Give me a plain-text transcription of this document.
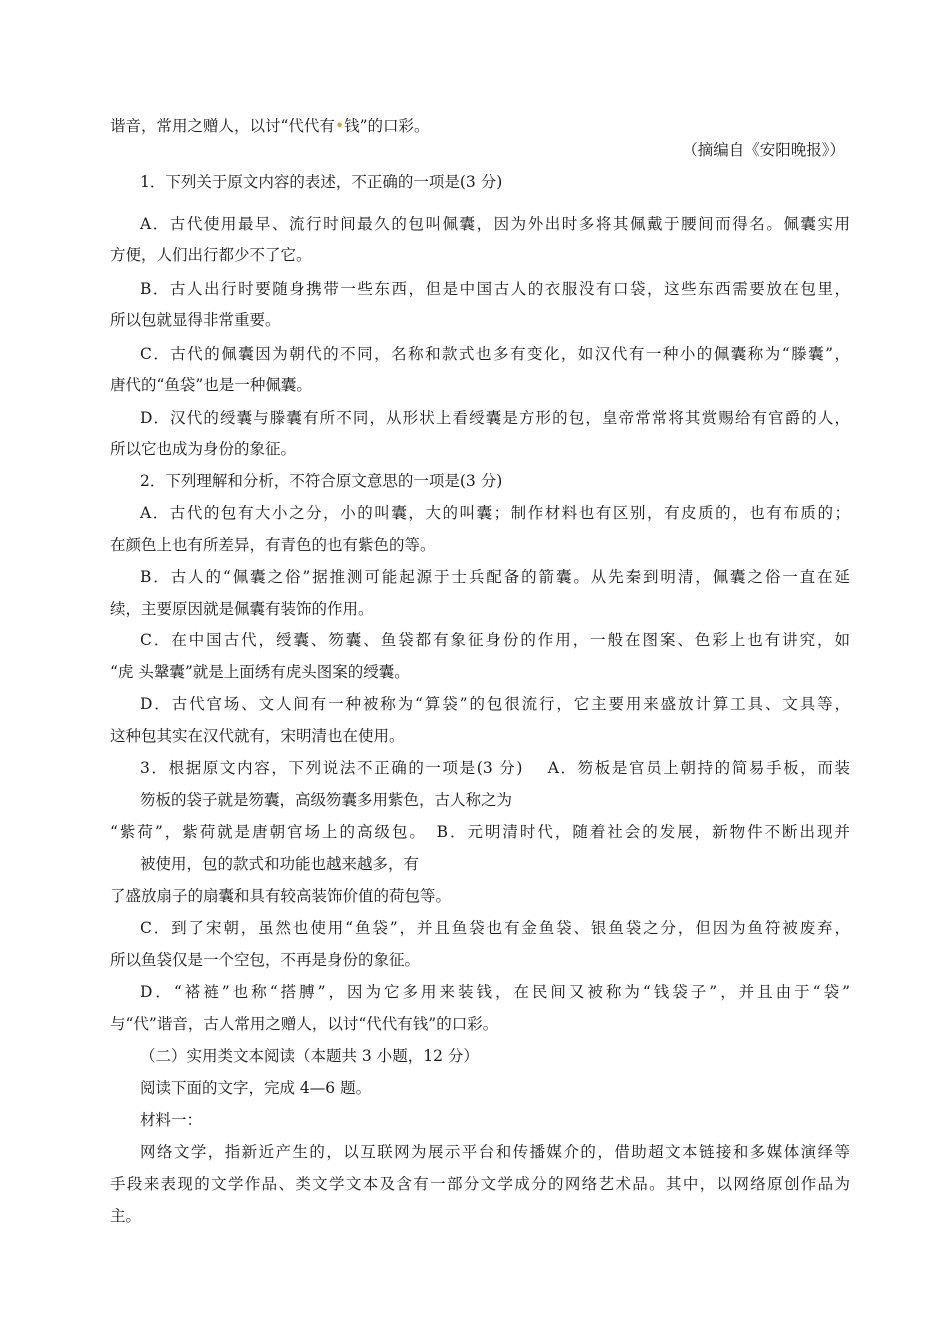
谐音，常用之赠人，以讨“代代有•钱”的口彩。
（摘编自《安阳晚报》）
1．下列关于原文内容的表述，不正确的一项是(3 分)
A．古代使用最早、流行时间最久的包叫佩囊，因为外出时多将其佩戴于腰间而得名。佩囊实用
方便，人们出行都少不了它。
B．古人出行时要随身携带一些东西，但是中国古人的衣服没有口袋，这些东西需要放在包里，
所以包就显得非常重要。
C．古代的佩囊因为朝代的不同，名称和款式也多有变化，如汉代有一种小的佩囊称为“滕囊”，
唐代的“鱼袋”也是一种佩囊。
D．汉代的绶囊与滕囊有所不同，从形状上看绶囊是方形的包，皇帝常常将其赏赐给有官爵的人，
所以它也成为身份的象征。
2．下列理解和分析，不符合原文意思的一项是(3 分)
A．古代的包有大小之分，小的叫囊，大的叫囊；制作材料也有区别，有皮质的，也有布质的；
在颜色上也有所差异，有青色的也有紫色的等。
B．古人的“佩囊之俗”据推测可能起源于士兵配备的箭囊。从先秦到明清，佩囊之俗一直在延
续，主要原因就是佩囊有装饰的作用。
C．在中国古代，绶囊、笏囊、鱼袋都有象征身份的作用，一般在图案、色彩上也有讲究，如
“虎 头鞶囊”就是上面绣有虎头图案的绶囊。
D．古代官场、文人间有一种被称为“算袋”的包很流行，它主要用来盛放计算工具、文具等，
这种包其实在汉代就有，宋明清也在使用。
3．根据原文内容，下列说法不正确的一项是(3 分)　 A．笏板是官员上朝持的简易手板，而装
笏板的袋子就是笏囊，高级笏囊多用紫色，古人称之为
“紫荷”，紫荷就是唐朝官场上的高级包。　B．元明清时代，随着社会的发展，新物件不断出现并
被使用，包的款式和功能也越来越多，有
了盛放扇子的扇囊和具有较高装饰价值的荷包等。
C．到了宋朝，虽然也使用“鱼袋”，并且鱼袋也有金鱼袋、银鱼袋之分，但因为鱼符被废弃，
所以鱼袋仅是一个空包，不再是身份的象征。
D．“褡裢”也称“搭膊”，因为它多用来装钱，在民间又被称为“钱袋子”，并且由于“袋”
与“代”谐音，古人常用之赠人，以讨“代代有钱”的口彩。
（二）实用类文本阅读（本题共 3 小题，12 分）
阅读下面的文字，完成 4—6 题。
材料一：
网络文学，指新近产生的，以互联网为展示平台和传播媒介的，借助超文本链接和多媒体演绎等
手段来表现的文学作品、类文学文本及含有一部分文学成分的网络艺术品。其中，以网络原创作品为
主。
